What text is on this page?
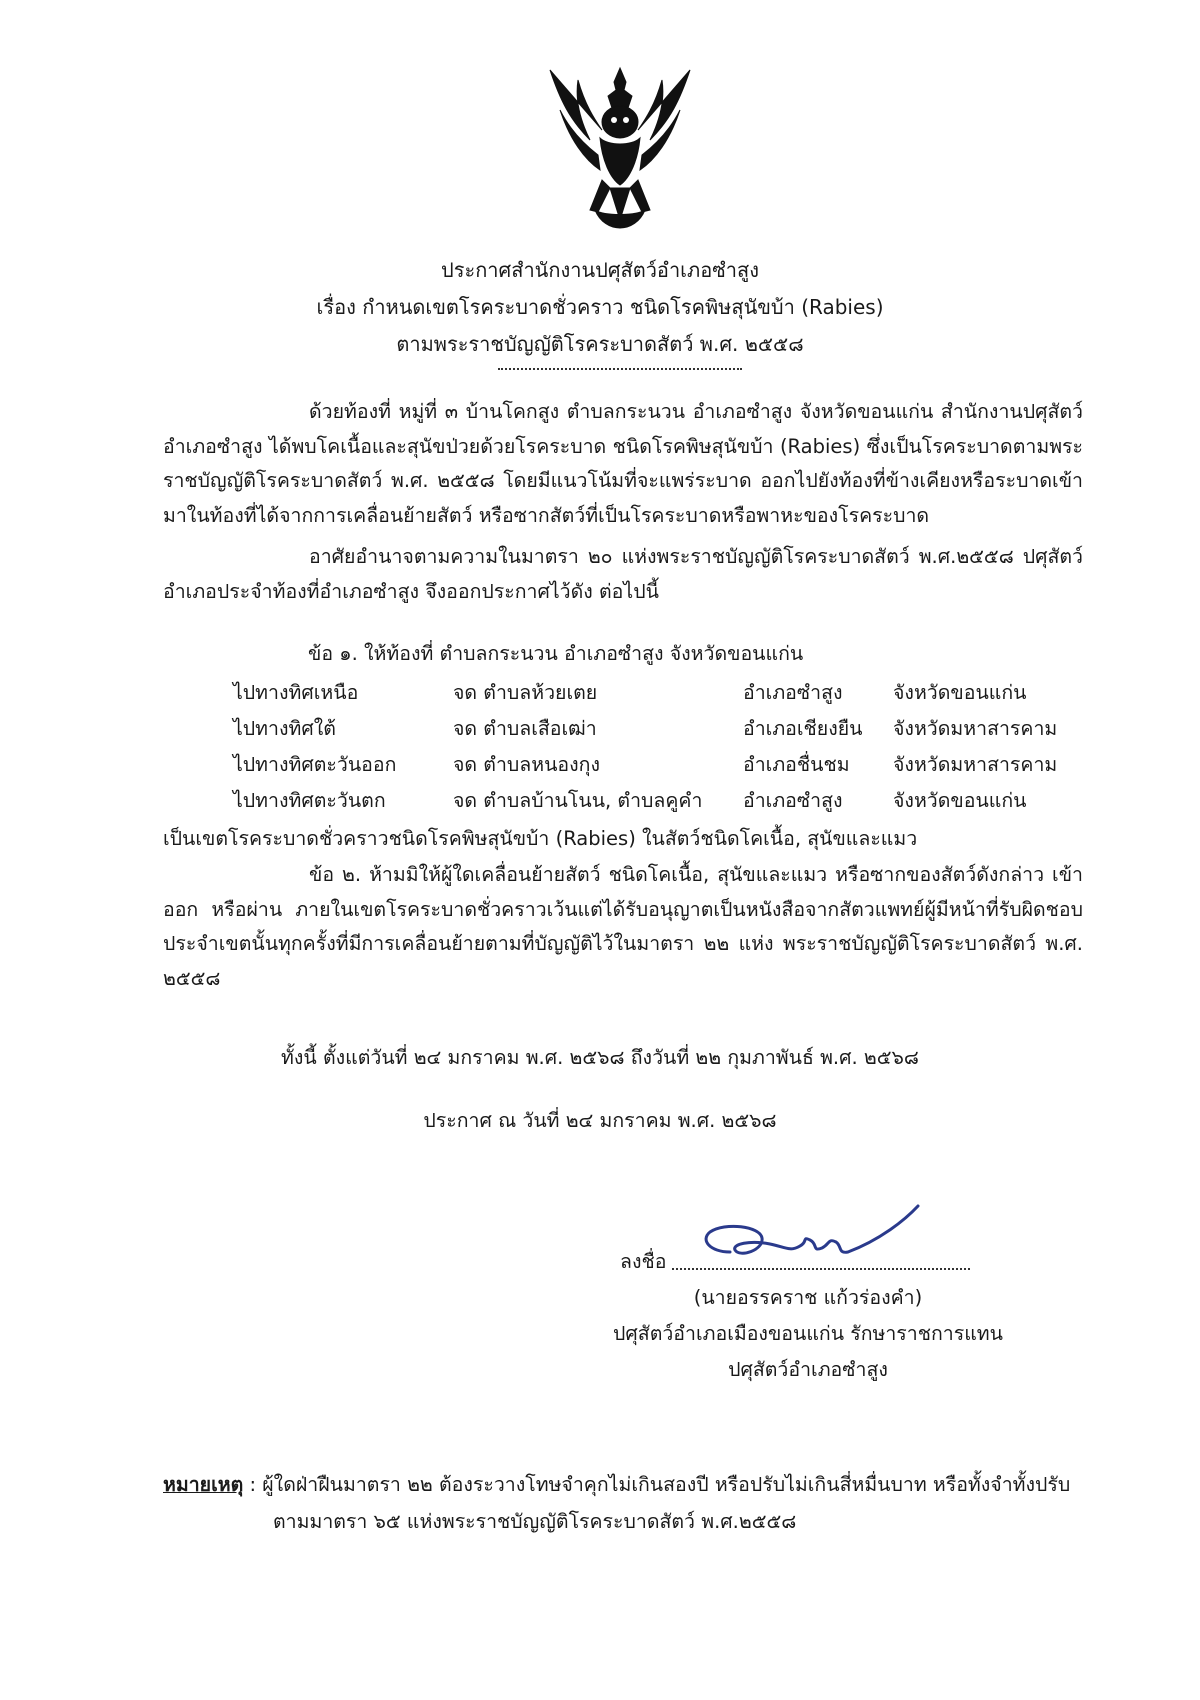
ประกาศสำนักงานปศุสัตว์อำเภอซำสูง
เรื่อง กำหนดเขตโรคระบาดชั่วคราว ชนิดโรคพิษสุนัขบ้า (Rabies)
ตามพระราชบัญญัติโรคระบาดสัตว์ พ.ศ. ๒๕๕๘
ด้วยท้องที่ หมู่ที่ ๓ บ้านโคกสูง ตำบลกระนวน อำเภอซำสูง จังหวัดขอนแก่น สำนักงานปศุสัตว์อำเภอซำสูง ได้พบโคเนื้อและสุนัขป่วยด้วยโรคระบาด ชนิดโรคพิษสุนัขบ้า (Rabies) ซึ่งเป็นโรคระบาดตามพระราชบัญญัติโรคระบาดสัตว์ พ.ศ. ๒๕๕๘ โดยมีแนวโน้มที่จะแพร่ระบาด ออกไปยังท้องที่ข้างเคียงหรือระบาดเข้ามาในท้องที่ได้จากการเคลื่อนย้ายสัตว์ หรือซากสัตว์ที่เป็นโรคระบาดหรือพาหะของโรคระบาด
อาศัยอำนาจตามความในมาตรา ๒๐ แห่งพระราชบัญญัติโรคระบาดสัตว์ พ.ศ.๒๕๕๘ ปศุสัตว์อำเภอประจำท้องที่อำเภอซำสูง จึงออกประกาศไว้ดัง ต่อไปนี้
ข้อ ๑. ให้ท้องที่ ตำบลกระนวน อำเภอซำสูง จังหวัดขอนแก่น
ไปทางทิศเหนือ	จด ตำบลห้วยเตย	อำเภอซำสูง	จังหวัดขอนแก่น
ไปทางทิศใต้	จด ตำบลเสือเฒ่า	อำเภอเชียงยืน	จังหวัดมหาสารคาม
ไปทางทิศตะวันออก	จด ตำบลหนองกุง	อำเภอชื่นชม	จังหวัดมหาสารคาม
ไปทางทิศตะวันตก	จด ตำบลบ้านโนน, ตำบลคูคำ	อำเภอซำสูง	จังหวัดขอนแก่น
เป็นเขตโรคระบาดชั่วคราวชนิดโรคพิษสุนัขบ้า (Rabies) ในสัตว์ชนิดโคเนื้อ, สุนัขและแมว
ข้อ ๒. ห้ามมิให้ผู้ใดเคลื่อนย้ายสัตว์ ชนิดโคเนื้อ, สุนัขและแมว หรือซากของสัตว์ดังกล่าว เข้า ออก หรือผ่าน ภายในเขตโรคระบาดชั่วคราวเว้นแต่ได้รับอนุญาตเป็นหนังสือจากสัตวแพทย์ผู้มีหน้าที่รับผิดชอบประจำเขตนั้นทุกครั้งที่มีการเคลื่อนย้ายตามที่บัญญัติไว้ในมาตรา ๒๒ แห่ง พระราชบัญญัติโรคระบาดสัตว์ พ.ศ. ๒๕๕๘
ทั้งนี้ ตั้งแต่วันที่ ๒๔ มกราคม พ.ศ. ๒๕๖๘ ถึงวันที่ ๒๒ กุมภาพันธ์ พ.ศ. ๒๕๖๘
ประกาศ ณ วันที่ ๒๔ มกราคม พ.ศ. ๒๕๖๘
ลงชื่อ
(นายอรรคราช แก้วร่องคำ)
ปศุสัตว์อำเภอเมืองขอนแก่น รักษาราชการแทน
ปศุสัตว์อำเภอซำสูง
หมายเหตุ : ผู้ใดฝ่าฝืนมาตรา ๒๒ ต้องระวางโทษจำคุกไม่เกินสองปี หรือปรับไม่เกินสี่หมื่นบาท หรือทั้งจำทั้งปรับ
ตามมาตรา ๖๕ แห่งพระราชบัญญัติโรคระบาดสัตว์ พ.ศ.๒๕๕๘
